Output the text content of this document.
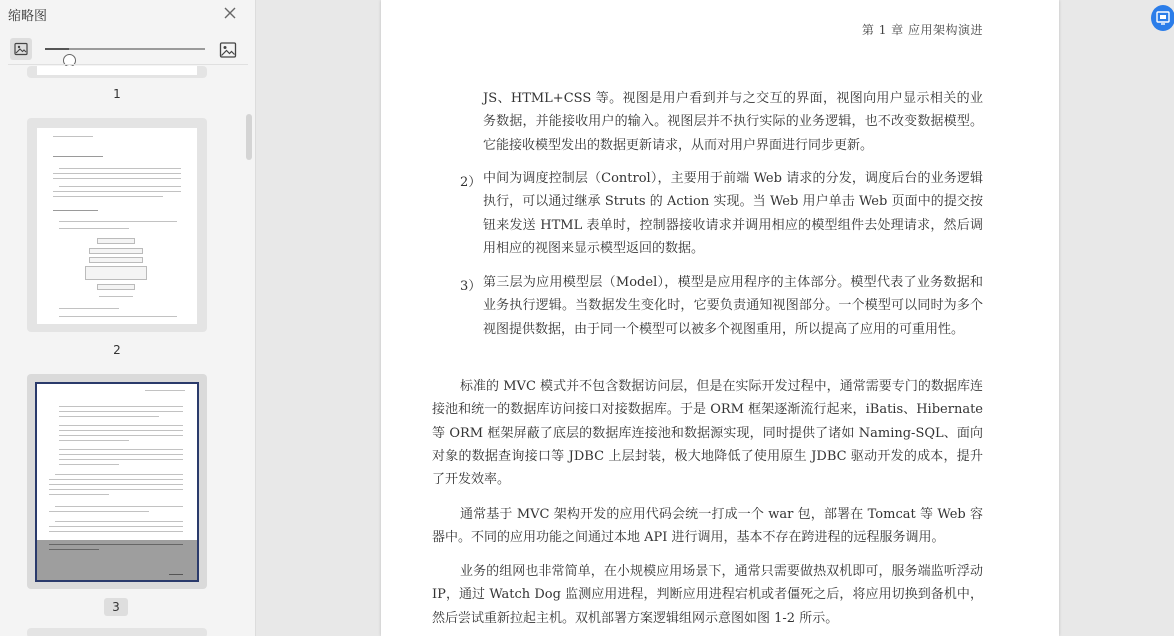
缩略图
1
2
3
第 1 章 应用架构演进
JS、HTML+CSS 等。视图是用户看到并与之交互的界面，视图向用户显示相关的业务数据，并能接收用户的输入。视图层并不执行实际的业务逻辑，也不改变数据模型。它能接收模型发出的数据更新请求，从而对用户界面进行同步更新。
2） 中间为调度控制层（Control），主要用于前端 Web 请求的分发，调度后台的业务逻辑执行，可以通过继承 Struts 的 Action 实现。当 Web 用户单击 Web 页面中的提交按钮来发送 HTML 表单时，控制器接收请求并调用相应的模型组件去处理请求，然后调用相应的视图来显示模型返回的数据。
3） 第三层为应用模型层（Model），模型是应用程序的主体部分。模型代表了业务数据和业务执行逻辑。当数据发生变化时，它要负责通知视图部分。一个模型可以同时为多个视图提供数据，由于同一个模型可以被多个视图重用，所以提高了应用的可重用性。
标准的 MVC 模式并不包含数据访问层，但是在实际开发过程中，通常需要专门的数据库连接池和统一的数据库访问接口对接数据库。于是 ORM 框架逐渐流行起来，iBatis、Hibernate 等 ORM 框架屏蔽了底层的数据库连接池和数据源实现，同时提供了诸如 Naming-SQL、面向对象的数据查询接口等 JDBC 上层封装，极大地降低了使用原生 JDBC 驱动开发的成本，提升了开发效率。
通常基于 MVC 架构开发的应用代码会统一打成一个 war 包，部署在 Tomcat 等 Web 容器中。不同的应用功能之间通过本地 API 进行调用，基本不存在跨进程的远程服务调用。
业务的组网也非常简单，在小规模应用场景下，通常只需要做热双机即可，服务端监听浮动 IP，通过 Watch Dog 监测应用进程，判断应用进程宕机或者僵死之后，将应用切换到备机中，然后尝试重新拉起主机。双机部署方案逻辑组网示意图如图 1-2 所示。
